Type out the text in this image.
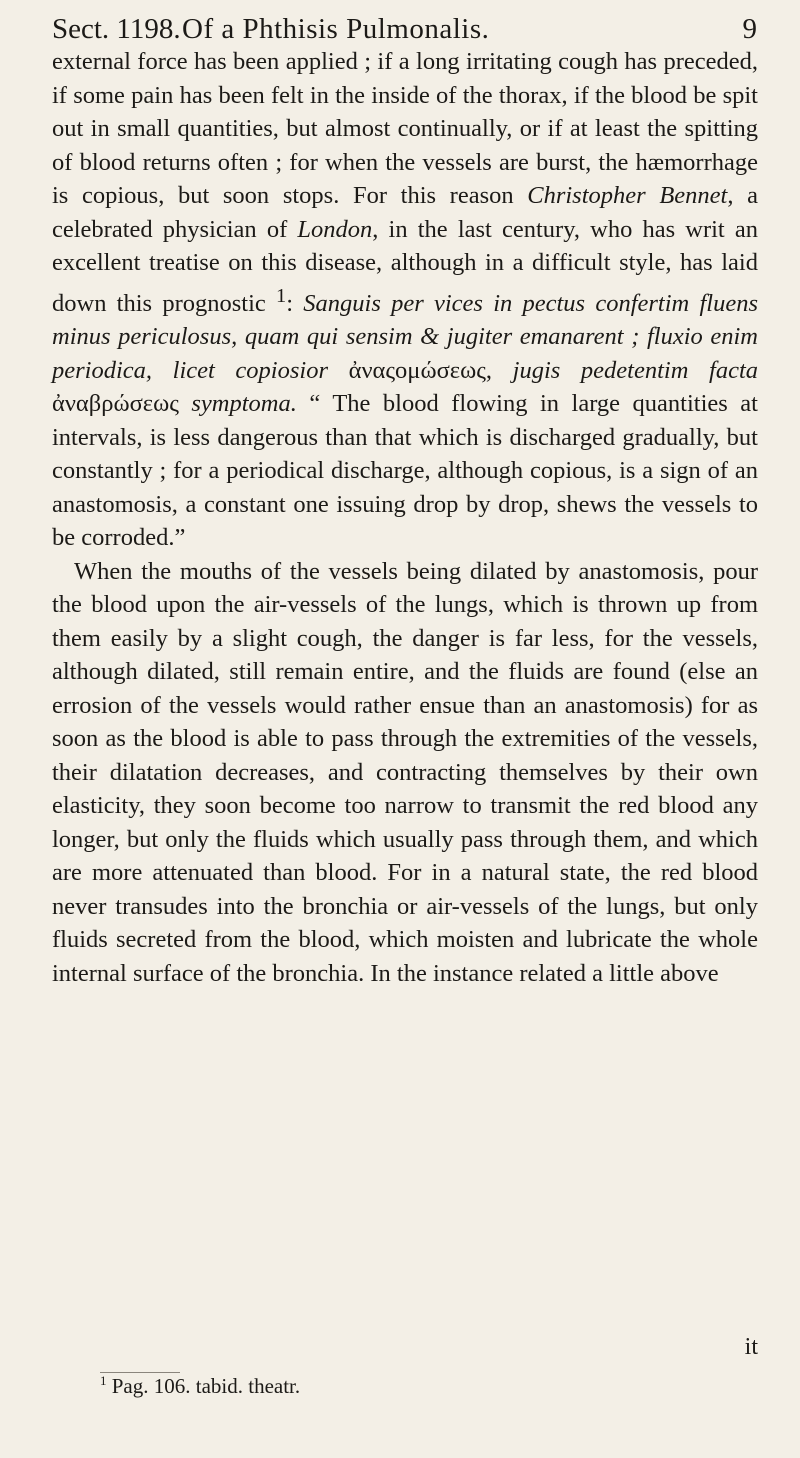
Sect. 1198. Of a Phthisis Pulmonalis.	9

external force has been applied ; if a long irritating cough has preceded, if some pain has been felt in the inside of the thorax, if the blood be spit out in small quantities, but almost continually, or if at least the spitting of blood returns often ; for when the vessels are burst, the hæmorrhage is copious, but soon stops. For this reason Christopher Bennet, a celebrated physician of London, in the last century, who has writ an excellent treatise on this disease, although in a difficult style, has laid down this prognostic $^1$: Sanguis per vices in pectus confertim fluens minus periculosus, quam qui sensim & jugiter emanarent ; fluxio enim periodica, licet copiosior ἀναςομώσεως, jugis pedetentim facta ἀναβρώσεως symptoma. “ The blood flowing in large quantities at intervals, is less dangerous than that which is discharged gradually, but constantly ; for a periodical discharge, although copious, is a sign of an anastomosis, a constant one issuing drop by drop, shews the vessels to be corroded.”

When the mouths of the vessels being dilated by anastomosis, pour the blood upon the air-vessels of the lungs, which is thrown up from them easily by a slight cough, the danger is far less, for the vessels, although dilated, still remain entire, and the fluids are found (else an errosion of the vessels would rather ensue than an anastomosis) for as soon as the blood is able to pass through the extremities of the vessels, their dilatation decreases, and contracting themselves by their own elasticity, they soon become too narrow to transmit the red blood any longer, but only the fluids which usually pass through them, and which are more attenuated than blood. For in a natural state, the red blood never transudes into the bronchia or air-vessels of the lungs, but only fluids secreted from the blood, which moisten and lubricate the whole internal surface of the bronchia. In the instance related a little above

it
$^1$ Pag. 106. tabid. theatr.
